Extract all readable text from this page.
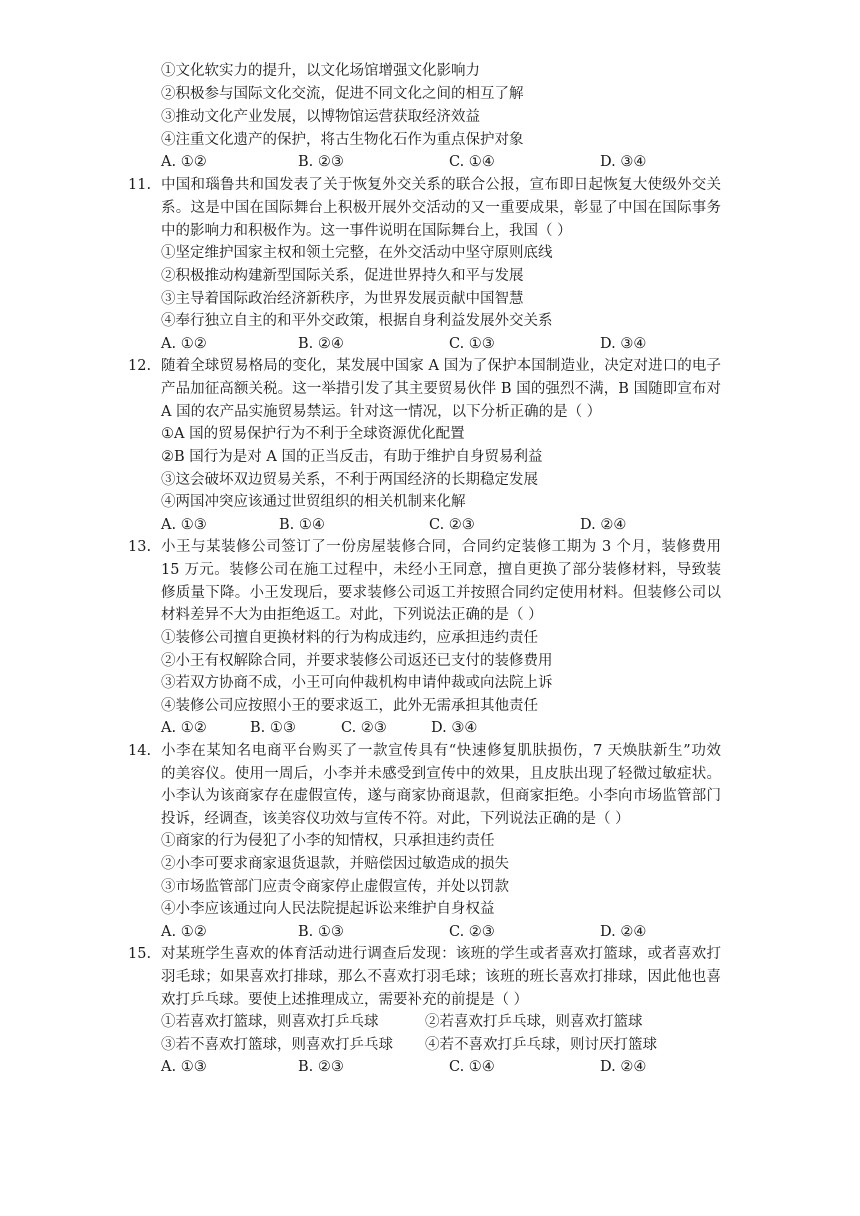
①文化软实力的提升，以文化场馆增强文化影响力
②积极参与国际文化交流，促进不同文化之间的相互了解
③推动文化产业发展，以博物馆运营获取经济效益
④注重文化遗产的保护，将古生物化石作为重点保护对象
A. ①②	B. ②③	C. ①④	D. ③④
11. 中国和瑙鲁共和国发表了关于恢复外交关系的联合公报，宣布即日起恢复大使级外交关
系。这是中国在国际舞台上积极开展外交活动的又一重要成果，彰显了中国在国际事务
中的影响力和积极作为。这一事件说明在国际舞台上，我国（ ）
①坚定维护国家主权和领土完整，在外交活动中坚守原则底线
②积极推动构建新型国际关系，促进世界持久和平与发展
③主导着国际政治经济新秩序，为世界发展贡献中国智慧
④奉行独立自主的和平外交政策，根据自身利益发展外交关系
A. ①②	B. ②④	C. ①③	D. ③④
12. 随着全球贸易格局的变化，某发展中国家 A 国为了保护本国制造业，决定对进口的电子
产品加征高额关税。这一举措引发了其主要贸易伙伴 B 国的强烈不满，B 国随即宣布对
A 国的农产品实施贸易禁运。针对这一情况，以下分析正确的是（ ）
①A 国的贸易保护行为不利于全球资源优化配置
②B 国行为是对 A 国的正当反击，有助于维护自身贸易利益
③这会破坏双边贸易关系，不利于两国经济的长期稳定发展
④两国冲突应该通过世贸组织的相关机制来化解
A. ①③	B. ①④	C. ②③	D. ②④
13. 小王与某装修公司签订了一份房屋装修合同，合同约定装修工期为 3 个月，装修费用
15 万元。装修公司在施工过程中，未经小王同意，擅自更换了部分装修材料，导致装
修质量下降。小王发现后，要求装修公司返工并按照合同约定使用材料。但装修公司以
材料差异不大为由拒绝返工。对此，下列说法正确的是（ ）
①装修公司擅自更换材料的行为构成违约，应承担违约责任
②小王有权解除合同，并要求装修公司返还已支付的装修费用
③若双方协商不成，小王可向仲裁机构申请仲裁或向法院上诉
④装修公司应按照小王的要求返工，此外无需承担其他责任
A. ①②	B. ①③	C. ②③	D. ③④
14. 小李在某知名电商平台购买了一款宣传具有“快速修复肌肤损伤，7 天焕肤新生”功效
的美容仪。使用一周后，小李并未感受到宣传中的效果，且皮肤出现了轻微过敏症状。
小李认为该商家存在虚假宣传，遂与商家协商退款，但商家拒绝。小李向市场监管部门
投诉，经调查，该美容仪功效与宣传不符。对此，下列说法正确的是（ ）
①商家的行为侵犯了小李的知情权，只承担违约责任
②小李可要求商家退货退款，并赔偿因过敏造成的损失
③市场监管部门应责令商家停止虚假宣传，并处以罚款
④小李应该通过向人民法院提起诉讼来维护自身权益
A. ①②	B. ①③	C. ②③	D. ②④
15. 对某班学生喜欢的体育活动进行调查后发现：该班的学生或者喜欢打篮球，或者喜欢打
羽毛球；如果喜欢打排球，那么不喜欢打羽毛球；该班的班长喜欢打排球，因此他也喜
欢打乒乓球。要使上述推理成立，需要补充的前提是（ ）
①若喜欢打篮球，则喜欢打乒乓球	②若喜欢打乒乓球，则喜欢打篮球
③若不喜欢打篮球，则喜欢打乒乓球 ④若不喜欢打乒乓球，则讨厌打篮球
A. ①③	B. ②③	C. ①④	D. ②④
